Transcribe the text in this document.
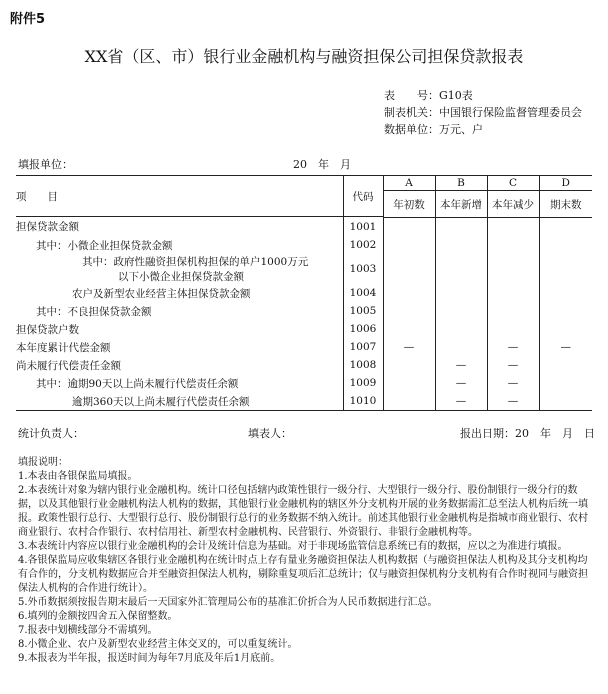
附件5
XX省（区、市）银行业金融机构与融资担保公司担保贷款报表
表　　号：G10表
制表机关：中国银行保险监督管理委员会
数据单位：万元、户
填报单位：	20　年　月
项　　目	代码	A	B	C	D
		年初数	本年新增	本年减少	期末数

担保贷款金额	1001				

其中：小微企业担保贷款金额	1002				

其中：政府性融资担保机构担保的单户1000万元
以下小微企业担保贷款金额	1003				

农户及新型农业经营主体担保贷款金额	1004				

其中：不良担保贷款金额	1005				

担保贷款户数	1006				

本年度累计代偿金额	1007	—		—	—

尚未履行代偿责任金额	1008		—	—	

其中：逾期90天以上尚未履行代偿责任余额	1009		—	—	

逾期360天以上尚未履行代偿责任余额	1010		—	—	
统计负责人：	填表人：	报出日期：20　年　月　日

填报说明：

1.本表由各银保监局填报。

2.本表统计对象为辖内银行业金融机构。统计口径包括辖内政策性银行一级分行、大型银行一级分行、股份制银行一级分行的数据，以及其他银行业金融机构法人机构的数据，其他银行业金融机构的辖区外分支机构开展的业务数据需汇总至法人机构后统一填报。政策性银行总行、大型银行总行、股份制银行总行的业务数据不纳入统计。前述其他银行业金融机构是指城市商业银行、农村商业银行、农村合作银行、农村信用社、新型农村金融机构、民营银行、外资银行、非银行金融机构等。

3.本表统计内容应以银行业金融机构的会计及统计信息为基础。对于非现场监管信息系统已有的数据，应以之为准进行填报。

4.各银保监局应收集辖区各银行业金融机构在统计时点上存有量业务融资担保法人机构数据（与融资担保法人机构及其分支机构均有合作的，分支机构数据应合并至融资担保法人机构，剔除重复项后汇总统计；仅与融资担保机构分支机构有合作时视同与融资担保法人机构的合作进行统计）。

5.外币数据须按报告期末最后一天国家外汇管理局公布的基准汇价折合为人民币数据进行汇总。

6.填列的金额按四舍五入保留整数。

7.报表中划横线部分不需填列。

8.小微企业、农户及新型农业经营主体交叉的，可以重复统计。

9.本报表为半年报，报送时间为每年7月底及年后1月底前。
